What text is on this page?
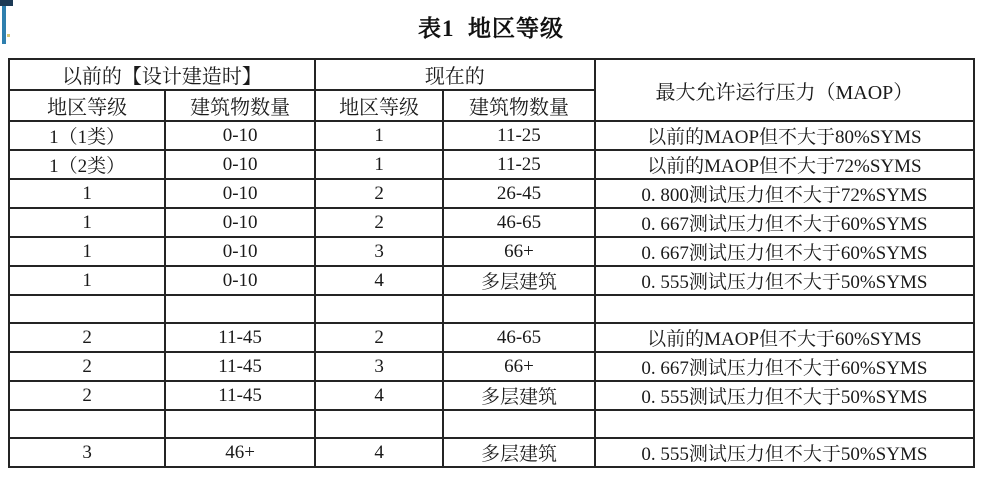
表1  地区等级
以前的【设计建造时】		现在的		最大允许运行压力（MAOP）
地区等级	建筑物数量	地区等级	建筑物数量	
1（1类）	0-10	1	11-25	以前的MAOP但不大于80%SYMS
1（2类）	0-10	1	11-25	以前的MAOP但不大于72%SYMS
1	0-10	2	26-45	0. 800测试压力但不大于72%SYMS
1	0-10	2	46-65	0. 667测试压力但不大于60%SYMS
1	0-10	3	66+	0. 667测试压力但不大于60%SYMS
1	0-10	4	多层建筑	0. 555测试压力但不大于50%SYMS

2	11-45	2	46-65	以前的MAOP但不大于60%SYMS
2	11-45	3	66+	0. 667测试压力但不大于60%SYMS
2	11-45	4	多层建筑	0. 555测试压力但不大于50%SYMS

3	46+	4	多层建筑	0. 555测试压力但不大于50%SYMS
